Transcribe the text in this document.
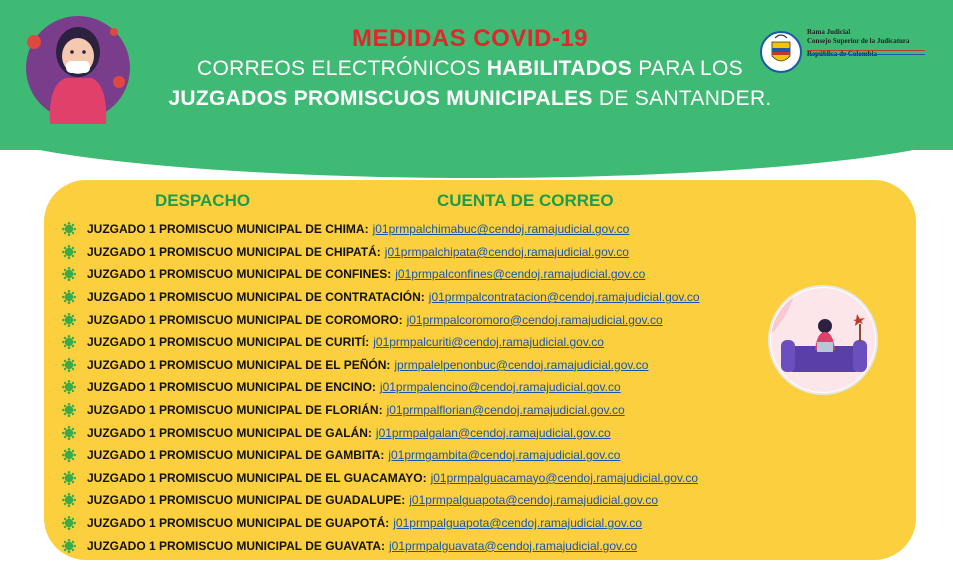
MEDIDAS COVID-19
CORREOS ELECTRÓNICOS HABILITADOS PARA LOS
JUZGADOS PROMISCUOS MUNICIPALES DE SANTANDER.
Rama Judicial
Consejo Superior de la Judicatura
República de Colombia
DESPACHO	CUENTA DE CORREO
JUZGADO 1 PROMISCUO MUNICIPAL DE CHIMA: j01prmpalchimabuc@cendoj.ramajudicial.gov.co
JUZGADO 1 PROMISCUO MUNICIPAL DE CHIPATÁ: j01prmpalchipata@cendoj.ramajudicial.gov.co
JUZGADO 1 PROMISCUO MUNICIPAL DE CONFINES: j01prmpalconfines@cendoj.ramajudicial.gov.co
JUZGADO 1 PROMISCUO MUNICIPAL DE CONTRATACIÓN: j01prmpalcontratacion@cendoj.ramajudicial.gov.co
JUZGADO 1 PROMISCUO MUNICIPAL DE COROMORO: j01prmpalcoromoro@cendoj.ramajudicial.gov.co
JUZGADO 1 PROMISCUO MUNICIPAL DE CURITÍ: j01prmpalcuriti@cendoj.ramajudicial.gov.co
JUZGADO 1 PROMISCUO MUNICIPAL DE EL PEÑÓN: jprmpalelpenonbuc@cendoj.ramajudicial.gov.co
JUZGADO 1 PROMISCUO MUNICIPAL DE ENCINO: j01prmpalencino@cendoj.ramajudicial.gov.co
JUZGADO 1 PROMISCUO MUNICIPAL DE FLORIÁN: j01prmpalflorian@cendoj.ramajudicial.gov.co
JUZGADO 1 PROMISCUO MUNICIPAL DE GALÁN: j01prmpalgalan@cendoj.ramajudicial.gov.co
JUZGADO 1 PROMISCUO MUNICIPAL DE GAMBITA: j01prmgambita@cendoj.ramajudicial.gov.co
JUZGADO 1 PROMISCUO MUNICIPAL DE EL GUACAMAYO: j01prmpalguacamayo@cendoj.ramajudicial.gov.co
JUZGADO 1 PROMISCUO MUNICIPAL DE GUADALUPE: j01prmpalguapota@cendoj.ramajudicial.gov.co
JUZGADO 1 PROMISCUO MUNICIPAL DE GUAPOTÁ: j01prmpalguapota@cendoj.ramajudicial.gov.co
JUZGADO 1 PROMISCUO MUNICIPAL DE GUAVATA: j01prmpalguavata@cendoj.ramajudicial.gov.co
